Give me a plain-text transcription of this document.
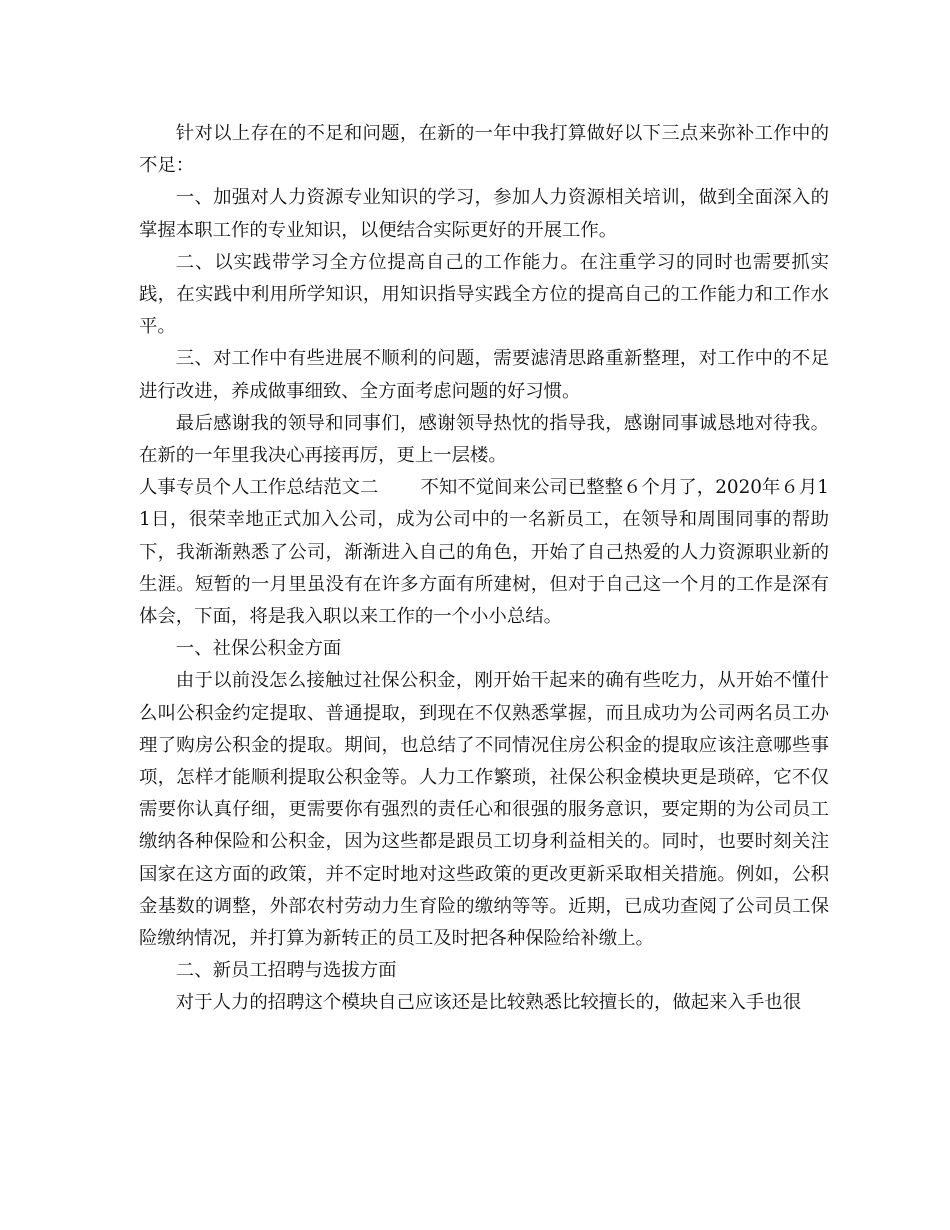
针对以上存在的不足和问题，在新的一年中我打算做好以下三点来弥补工作中的不足：

一、加强对人力资源专业知识的学习，参加人力资源相关培训，做到全面深入的掌握本职工作的专业知识，以便结合实际更好的开展工作。

二、以实践带学习全方位提高自己的工作能力。在注重学习的同时也需要抓实践，在实践中利用所学知识，用知识指导实践全方位的提高自己的工作能力和工作水平。

三、对工作中有些进展不顺利的问题，需要滤清思路重新整理，对工作中的不足进行改进，养成做事细致、全方面考虑问题的好习惯。

最后感谢我的领导和同事们，感谢领导热忱的指导我，感谢同事诚恳地对待我。在新的一年里我决心再接再厉，更上一层楼。

人事专员个人工作总结范文二 不知不觉间来公司已整整６个月了，2020年６月11日，很荣幸地正式加入公司，成为公司中的一名新员工，在领导和周围同事的帮助下，我渐渐熟悉了公司，渐渐进入自己的角色，开始了自己热爱的人力资源职业新的生涯。短暂的一月里虽没有在许多方面有所建树，但对于自己这一个月的工作是深有体会，下面，将是我入职以来工作的一个小小总结。

一、社保公积金方面

由于以前没怎么接触过社保公积金，刚开始干起来的确有些吃力，从开始不懂什么叫公积金约定提取、普通提取，到现在不仅熟悉掌握，而且成功为公司两名员工办理了购房公积金的提取。期间，也总结了不同情况住房公积金的提取应该注意哪些事项，怎样才能顺利提取公积金等。人力工作繁琐，社保公积金模块更是琐碎，它不仅需要你认真仔细，更需要你有强烈的责任心和很强的服务意识，要定期的为公司员工缴纳各种保险和公积金，因为这些都是跟员工切身利益相关的。同时，也要时刻关注国家在这方面的政策，并不定时地对这些政策的更改更新采取相关措施。例如，公积金基数的调整，外部农村劳动力生育险的缴纳等等。近期，已成功查阅了公司员工保险缴纳情况，并打算为新转正的员工及时把各种保险给补缴上。

二、新员工招聘与选拔方面

对于人力的招聘这个模块自己应该还是比较熟悉比较擅长的，做起来入手也很
